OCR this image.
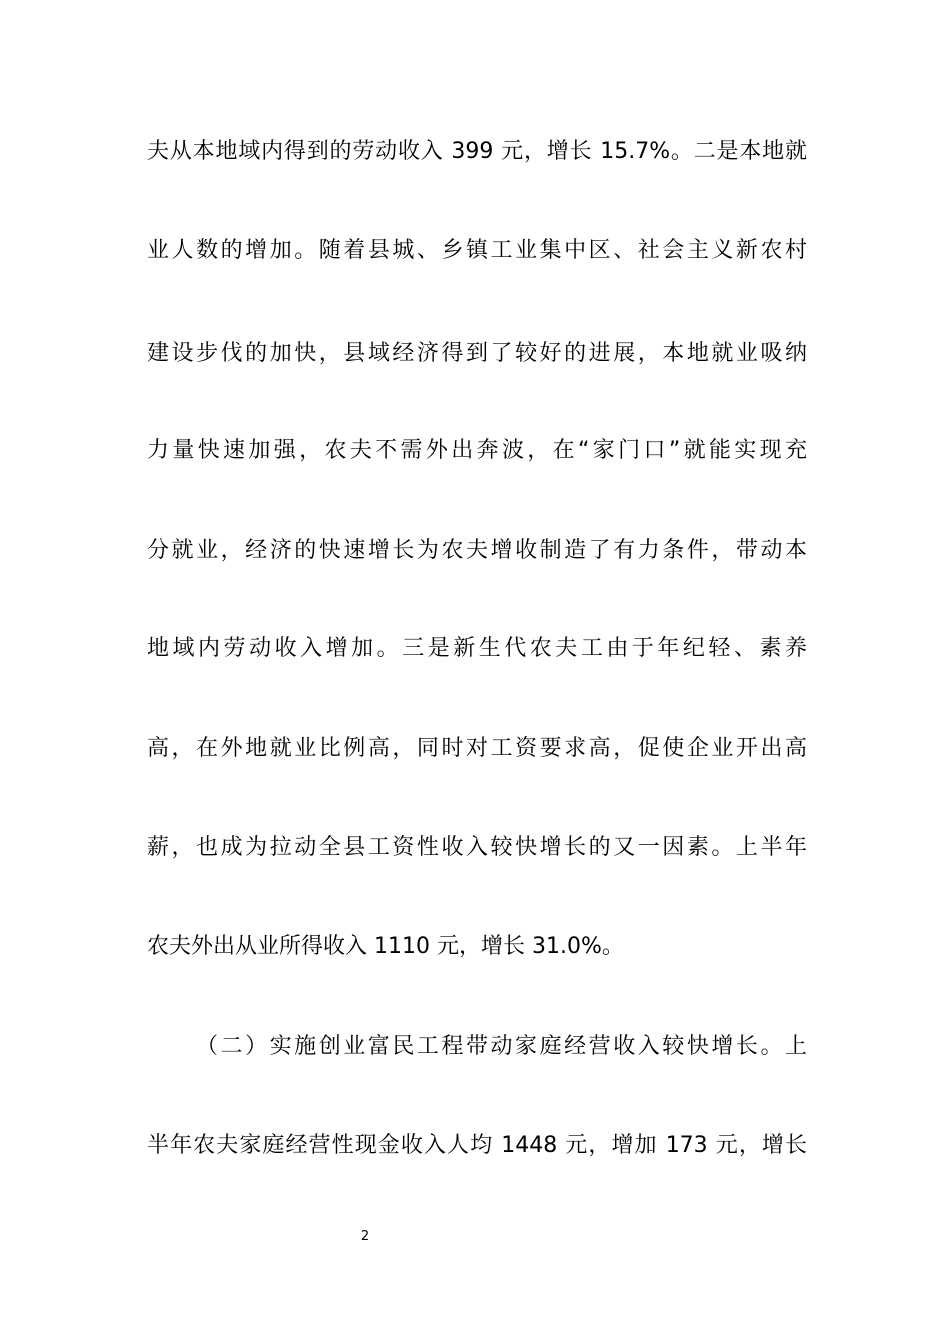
夫从本地域内得到的劳动收入 399 元，增长 15.7%。二是本地就
业人数的增加。随着县城、乡镇工业集中区、社会主义新农村
建设步伐的加快，县域经济得到了较好的进展，本地就业吸纳
力量快速加强，农夫不需外出奔波，在“家门口”就能实现充
分就业，经济的快速增长为农夫增收制造了有力条件，带动本
地域内劳动收入增加。三是新生代农夫工由于年纪轻、素养
高，在外地就业比例高，同时对工资要求高，促使企业开出高
薪，也成为拉动全县工资性收入较快增长的又一因素。上半年
农夫外出从业所得收入 1110 元，增长 31.0%。
（二）实施创业富民工程带动家庭经营收入较快增长。上
半年农夫家庭经营性现金收入人均 1448 元，增加 173 元，增长
2
